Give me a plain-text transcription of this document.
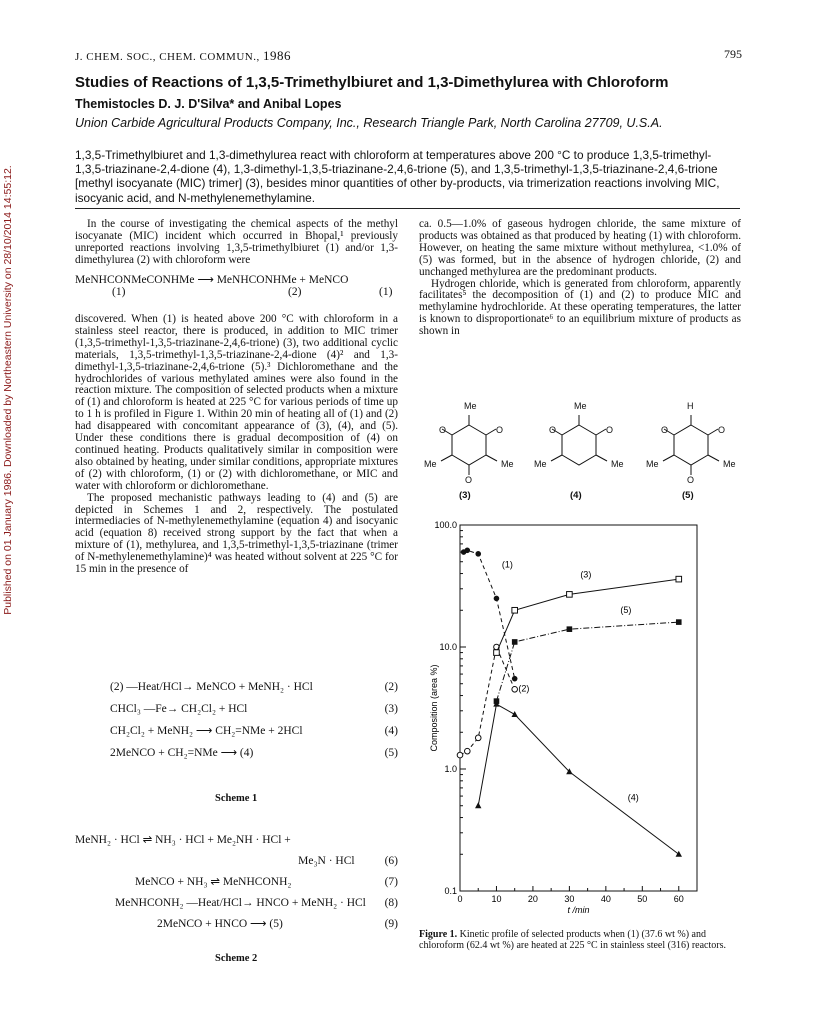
Published on 01 January 1986. Downloaded by Northeastern University on 28/10/2014 14:55:12.
J. CHEM. SOC., CHEM. COMMUN., 1986	795
Studies of Reactions of 1,3,5-Trimethylbiuret and 1,3-Dimethylurea with Chloroform
Themistocles D. J. D'Silva* and Anibal Lopes
Union Carbide Agricultural Products Company, Inc., Research Triangle Park, North Carolina 27709, U.S.A.
1,3,5-Trimethylbiuret and 1,3-dimethylurea react with chloroform at temperatures above 200 °C to produce 1,3,5-trimethyl-1,3,5-triazinane-2,4-dione (4), 1,3-dimethyl-1,3,5-triazinane-2,4,6-trione (5), and 1,3,5-trimethyl-1,3,5-triazinane-2,4,6-trione [methyl isocyanate (MIC) trimer] (3), besides minor quantities of other by-products, via trimerization reactions involving MIC, isocyanic acid, and N-methylenemethylamine.

In the course of investigating the chemical aspects of the methyl isocyanate (MIC) incident which occurred in Bhopal,¹ previously unreported reactions involving 1,3,5-trimethylbiuret (1) and/or 1,3-dimethylurea (2) with chloroform were

MeNHCONMeCONHMe ⟶ MeNHCONHMe + MeNCO
(1)	(2)	(1)

discovered. When (1) is heated above 200 °C with chloroform in a stainless steel reactor, there is produced, in addition to MIC trimer (1,3,5-trimethyl-1,3,5-triazinane-2,4,6-trione) (3), two additional cyclic materials, 1,3,5-trimethyl-1,3,5-triazinane-2,4-dione (4)² and 1,3-dimethyl-1,3,5-triazinane-2,4,6-trione (5).³ Dichloromethane and the hydrochlorides of various methylated amines were also found in the reaction mixture. The composition of selected products when a mixture of (1) and chloroform is heated at 225 °C for various periods of time up to 1 h is profiled in Figure 1. Within 20 min of heating all of (1) and (2) had disappeared with concomitant appearance of (3), (4), and (5). Under these conditions there is gradual decomposition of (4) on continued heating. Products qualitatively similar in composition were also obtained by heating, under similar conditions, appropriate mixtures of (2) with chloroform, (1) or (2) with dichloromethane, or MIC and water with chloroform or dichloromethane.

The proposed mechanistic pathways leading to (4) and (5) are depicted in Schemes 1 and 2, respectively. The postulated intermediacies of N-methylenemethylamine (equation 4) and isocyanic acid (equation 8) received strong support by the fact that when a mixture of (1), methylurea, and 1,3,5-trimethyl-1,3,5-triazinane (trimer of N-methylenemethylamine)⁴ was heated without solvent at 225 °C for 15 min in the presence of

(2) —Heat/HCl→ MeNCO + MeNH₂ · HCl	(2)
CHCl₃ —Fe→ CH₂Cl₂ + HCl	(3)
CH₂Cl₂ + MeNH₂ ⟶ CH₂=NMe + 2HCl	(4)
2MeNCO + CH₂=NMe ⟶ (4)	(5)
Scheme 1
MeNH₂ · HCl ⇌ NH₃ · HCl + Me₂NH · HCl +
Me₃N · HCl	(6)
MeNCO + NH₃ ⇌ MeNHCONH₂	(7)
MeNHCONH₂ —Heat/HCl→ HNCO + MeNH₂ · HCl (8)
2MeNCO + HNCO ⟶ (5)	(9)
Scheme 2

ca. 0.5—1.0% of gaseous hydrogen chloride, the same mixture of products was obtained as that produced by heating (1) with chloroform. However, on heating the same mixture without methylurea, <1.0% of (5) was formed, but in the absence of hydrogen chloride, (2) and unchanged methylurea are the predominant products.

Hydrogen chloride, which is generated from chloroform, apparently facilitates⁵ the decomposition of (1) and (2) to produce MIC and methylamine hydrochloride. At these operating temperatures, the latter is known to disproportionate⁶ to an equilibrium mixture of products as shown in

Me
O	O
Me	Me
O
Me
O	O
Me	Me
H
O	O
Me	Me
O
(3)	(4)	(5)
0.1
1.0
10.0
100.0
0	10	20	30	40	50	60
t /min
Composition (area %)
(1)
(2)
(3)
(4)
(5)
Figure 1. Kinetic profile of selected products when (1) (37.6 wt %) and chloroform (62.4 wt %) are heated at 225 °C in stainless steel (316) reactors.
